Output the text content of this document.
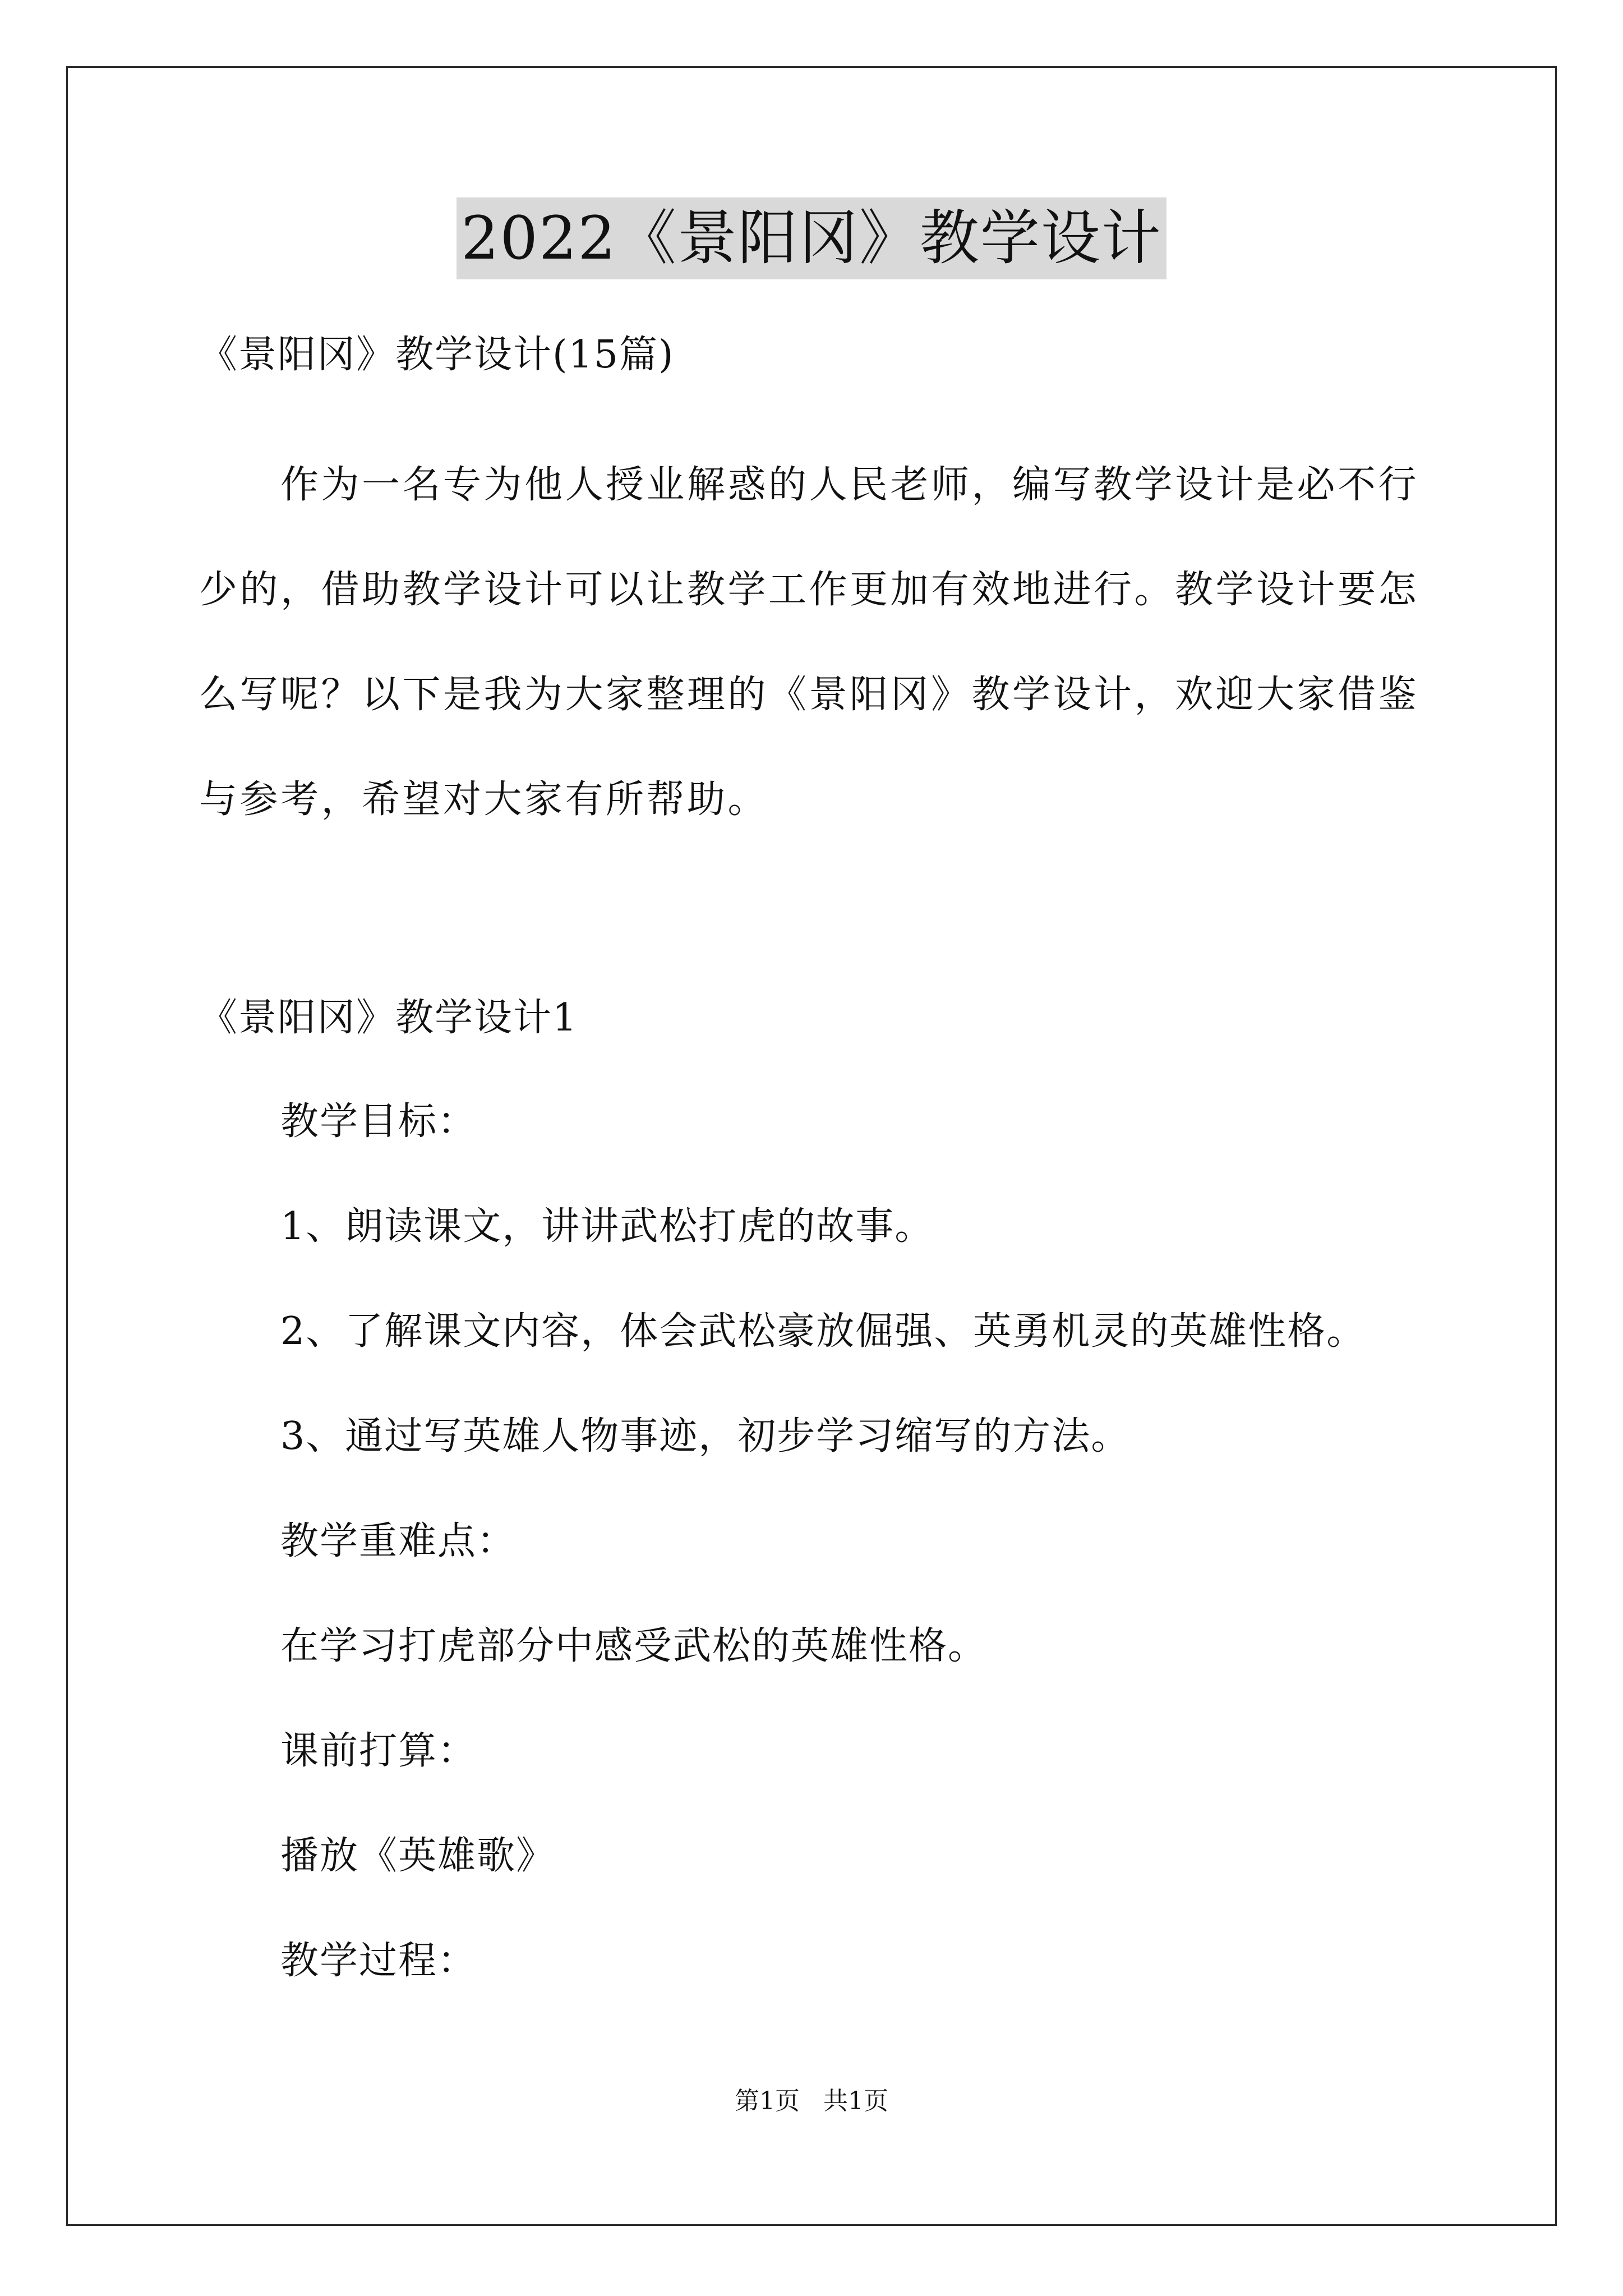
2022《景阳冈》教学设计
《景阳冈》教学设计(15篇)
作为一名专为他人授业解惑的人民老师，编写教学设计是必不行
少的，借助教学设计可以让教学工作更加有效地进行。教学设计要怎
么写呢？以下是我为大家整理的《景阳冈》教学设计，欢迎大家借鉴
与参考，希望对大家有所帮助。
《景阳冈》教学设计1
教学目标：
1、朗读课文，讲讲武松打虎的故事。
2、了解课文内容，体会武松豪放倔强、英勇机灵的英雄性格。
3、通过写英雄人物事迹，初步学习缩写的方法。
教学重难点：
在学习打虎部分中感受武松的英雄性格。
课前打算：
播放《英雄歌》
教学过程：
第1页   共1页
